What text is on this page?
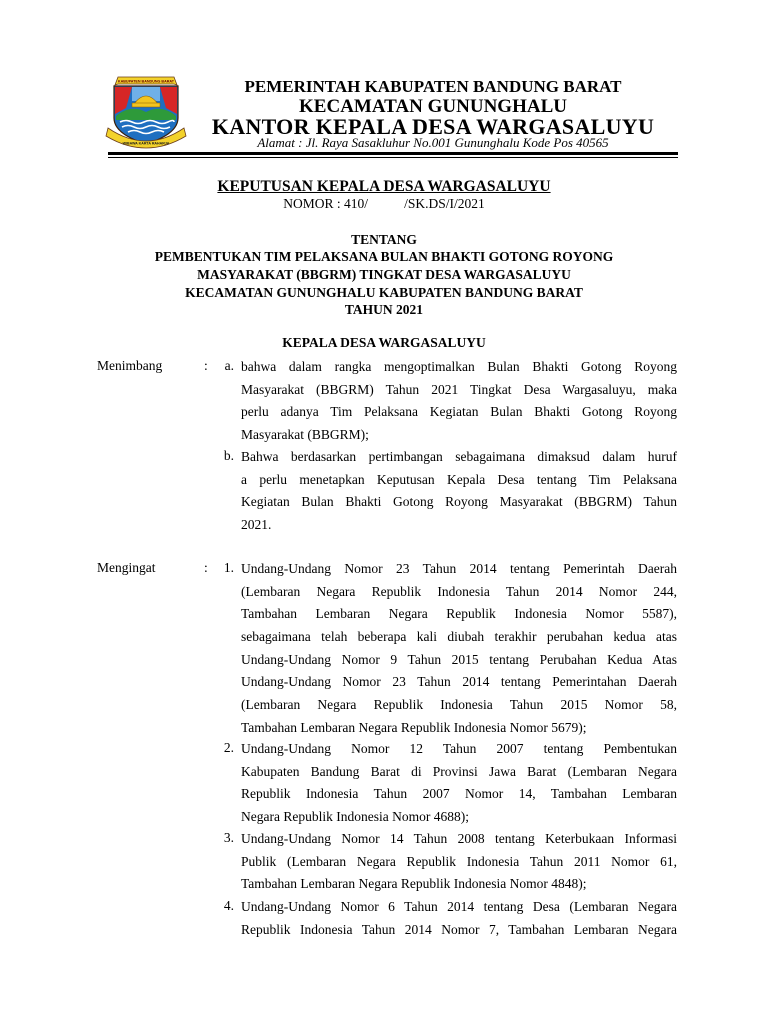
KABUPATEN BANDUNG BARAT
WIBAWA KARTA RAHARJA
PEMERINTAH KABUPATEN BANDUNG BARAT
KECAMATAN GUNUNGHALU
KANTOR KEPALA DESA WARGASALUYU
Alamat : Jl. Raya Sasakluhur No.001 Gununghalu Kode Pos 40565
KEPUTUSAN KEPALA DESA WARGASALUYU
NOMOR : 410/	/SK.DS/I/2021
TENTANG
PEMBENTUKAN TIM PELAKSANA BULAN BHAKTI GOTONG ROYONG
MASYARAKAT (BBGRM) TINGKAT DESA WARGASALUYU
KECAMATAN GUNUNGHALU KABUPATEN BANDUNG BARAT
TAHUN 2021
KEPALA DESA WARGASALUYU
Menimbang	:	a. bahwa dalam rangka mengoptimalkan Bulan Bhakti Gotong Royong
Masyarakat (BBGRM) Tahun 2021 Tingkat Desa Wargasaluyu, maka
perlu adanya Tim Pelaksana Kegiatan Bulan Bhakti Gotong Royong
Masyarakat (BBGRM);
b. Bahwa berdasarkan pertimbangan sebagaimana dimaksud dalam huruf
a perlu menetapkan Keputusan Kepala Desa tentang Tim Pelaksana
Kegiatan Bulan Bhakti Gotong Royong Masyarakat (BBGRM) Tahun
2021.
Mengingat	:	1. Undang-Undang Nomor 23 Tahun 2014 tentang Pemerintah Daerah
(Lembaran Negara Republik Indonesia Tahun 2014 Nomor 244,
Tambahan Lembaran Negara Republik Indonesia Nomor 5587),
sebagaimana telah beberapa kali diubah terakhir perubahan kedua atas
Undang-Undang Nomor 9 Tahun 2015 tentang Perubahan Kedua Atas
Undang-Undang Nomor 23 Tahun 2014 tentang Pemerintahan Daerah
(Lembaran Negara Republik Indonesia Tahun 2015 Nomor 58,
Tambahan Lembaran Negara Republik Indonesia Nomor 5679);
2. Undang-Undang Nomor 12 Tahun 2007 tentang Pembentukan
Kabupaten Bandung Barat di Provinsi Jawa Barat (Lembaran Negara
Republik Indonesia Tahun 2007 Nomor 14, Tambahan Lembaran
Negara Republik Indonesia Nomor 4688);
3. Undang-Undang Nomor 14 Tahun 2008 tentang Keterbukaan Informasi
Publik (Lembaran Negara Republik Indonesia Tahun 2011 Nomor 61,
Tambahan Lembaran Negara Republik Indonesia Nomor 4848);
4. Undang-Undang Nomor 6 Tahun 2014 tentang Desa (Lembaran Negara
Republik Indonesia Tahun 2014 Nomor 7, Tambahan Lembaran Negara
